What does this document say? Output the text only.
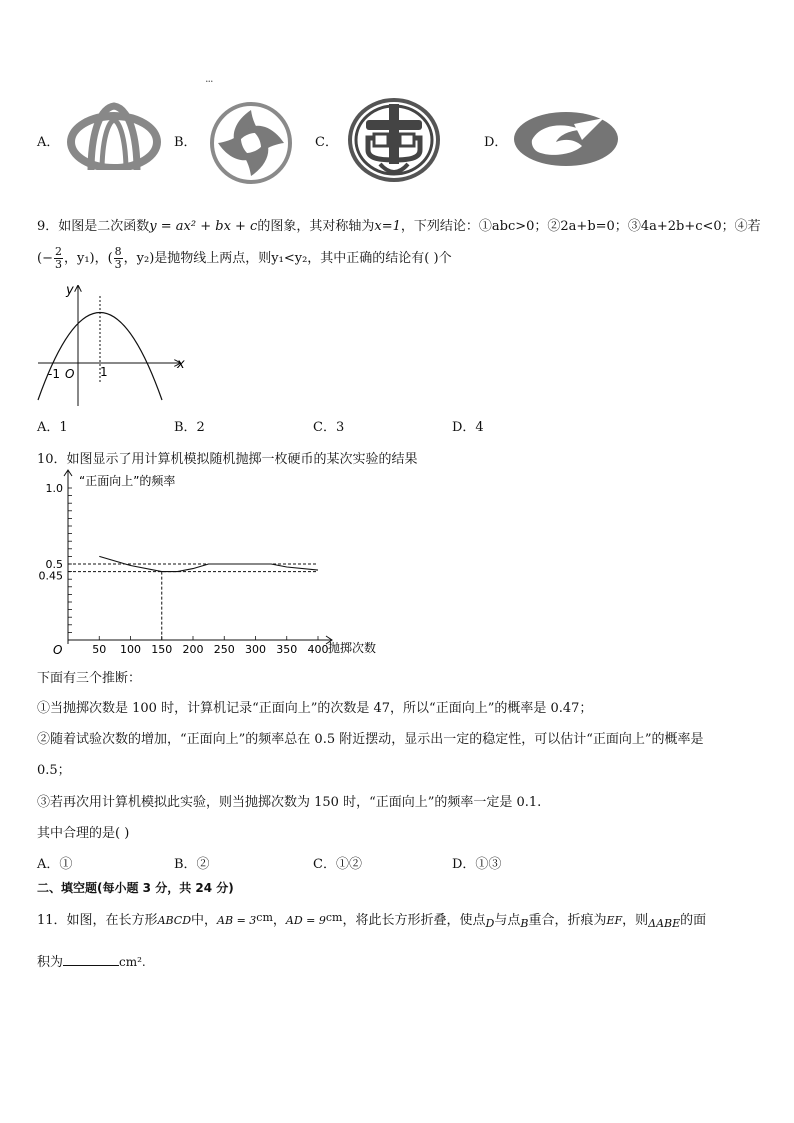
...
A．	B．	C．	D．
9．如图是二次函数y = ax² + bx + c的图象，其对称轴为x=1，下列结论：①abc>0；②2a+b=0；③4a+2b+c<0；④若
(− $\frac{2}{3}$ ，y₁)，( $\frac{8}{3}$ ，y₂)是抛物线上两点，则y₁<y₂，其中正确的结论有( )个
y
x
-1 O 1
A．1	B．2	C．3	D．4
10．如图显示了用计算机模拟随机抛掷一枚硬币的某次实验的结果
“正面向上”的频率
O	抛掷次数
50 100 150 200 250 300 350 400
1.0
0.5
0.45
下面有三个推断：
①当抛掷次数是 100 时，计算机记录“正面向上”的次数是 47，所以“正面向上”的概率是 0.47；
②随着试验次数的增加，“正面向上”的频率总在 0.5 附近摆动，显示出一定的稳定性，可以估计“正面向上”的概率是
0.5；
③若再次用计算机模拟此实验，则当抛掷次数为 150 时，“正面向上”的频率一定是 0.1.
其中合理的是( )
A．①	B．②	C．①②	D．①③
二、填空题(每小题 3 分，共 24 分)
11．如图，在长方形ABCD中，AB = $3^{cm}$，AD = $9^{cm}$，将此长方形折叠，使点$_D$与点$_B$重合，折痕为EF，则$_{\Delta ABE}$的面
积为	cm².
